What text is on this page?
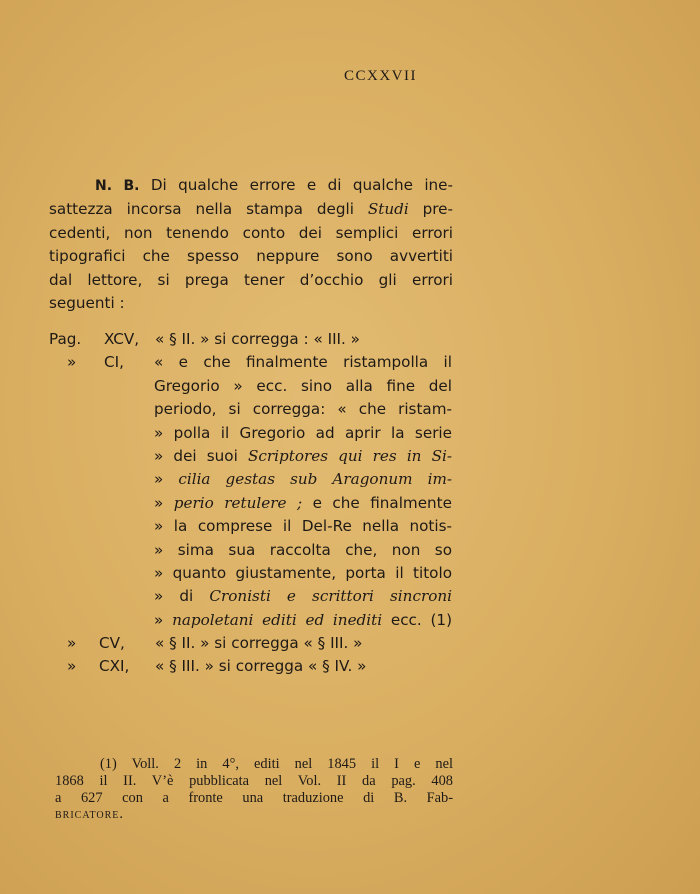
CCXXVII

N. B. Di qualche errore e di qualche ine-
sattezza incorsa nella stampa degli Studi pre-
cedenti, non tenendo conto dei semplici errori
tipografici che spesso neppure sono avvertiti
dal lettore, si prega tener d’occhio gli errori
seguenti :

Pag. XCV, « § II. » si corregga : « III. »
» CI, « e che finalmente ristampolla il
Gregorio » ecc. sino alla fine del
periodo, si corregga: « che ristam-
» polla il Gregorio ad aprir la serie
» dei suoi Scriptores qui res in Si-
» cilia gestas sub Aragonum im-
» perio retulere ; e che finalmente
» la comprese il Del-Re nella notis-
» sima sua raccolta che, non so
» quanto giustamente, porta il titolo
» di Cronisti e scrittori sincroni
» napoletani editi ed inediti ecc. (1)
» CV, « § II. » si corregga « § III. »
» CXI, « § III. » si corregga « § IV. »
(1) Voll. 2 in 4°, editi nel 1845 il I e nel
1868 il II. V’è pubblicata nel Vol. II da pag. 408
a 627 con a fronte una traduzione di B. Fab-
bricatore.
